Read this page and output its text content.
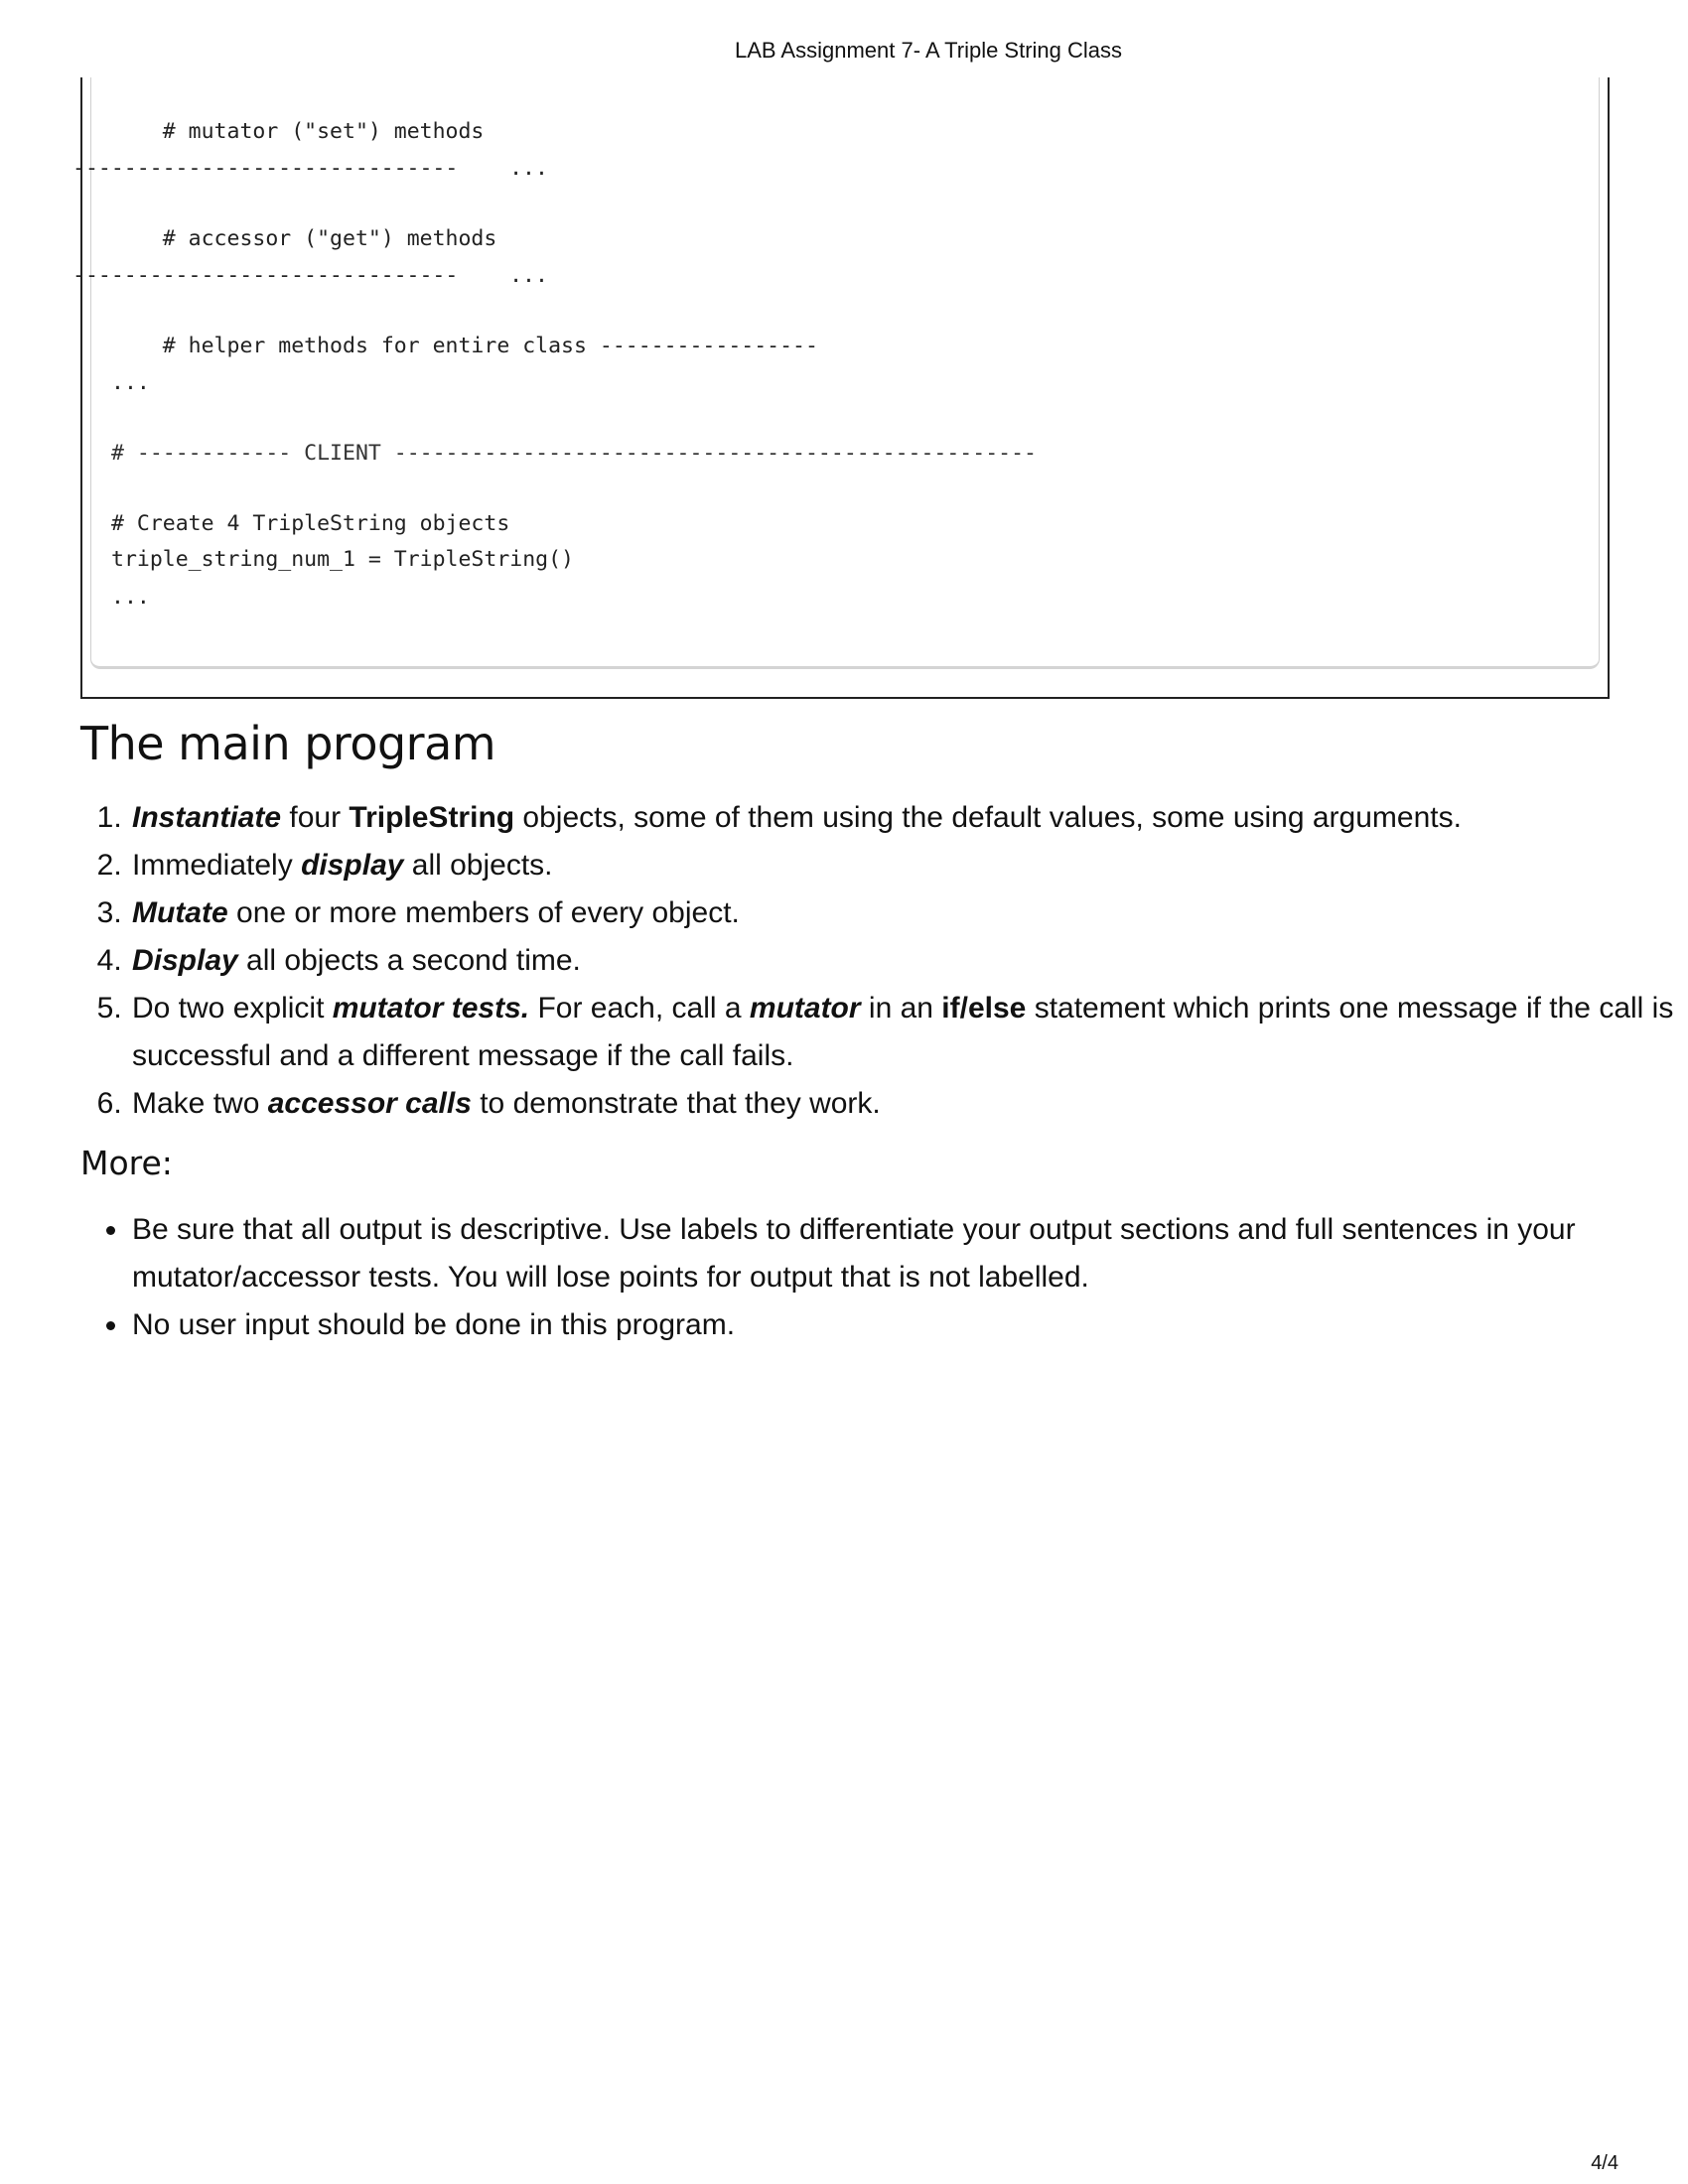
LAB Assignment 7- A Triple String Class
# mutator ("set") methods
------------------------------    ...
# accessor ("get") methods
------------------------------    ...
# helper methods for entire class -----------------
...
# ------------ CLIENT --------------------------------------------------
# Create 4 TripleString objects
triple_string_num_1 = TripleString()
...
The main program
1. Instantiate four TripleString objects, some of them using the default values, some using arguments.
2. Immediately display all objects.
3. Mutate one or more members of every object.
4. Display all objects a second time.
5. Do two explicit mutator tests. For each, call a mutator in an if/else statement which prints one message if the call is successful and a different message if the call fails.
6. Make two accessor calls to demonstrate that they work.
More:
• Be sure that all output is descriptive. Use labels to differentiate your output sections and full sentences in your mutator/accessor tests. You will lose points for output that is not labelled.
• No user input should be done in this program.
4/4
